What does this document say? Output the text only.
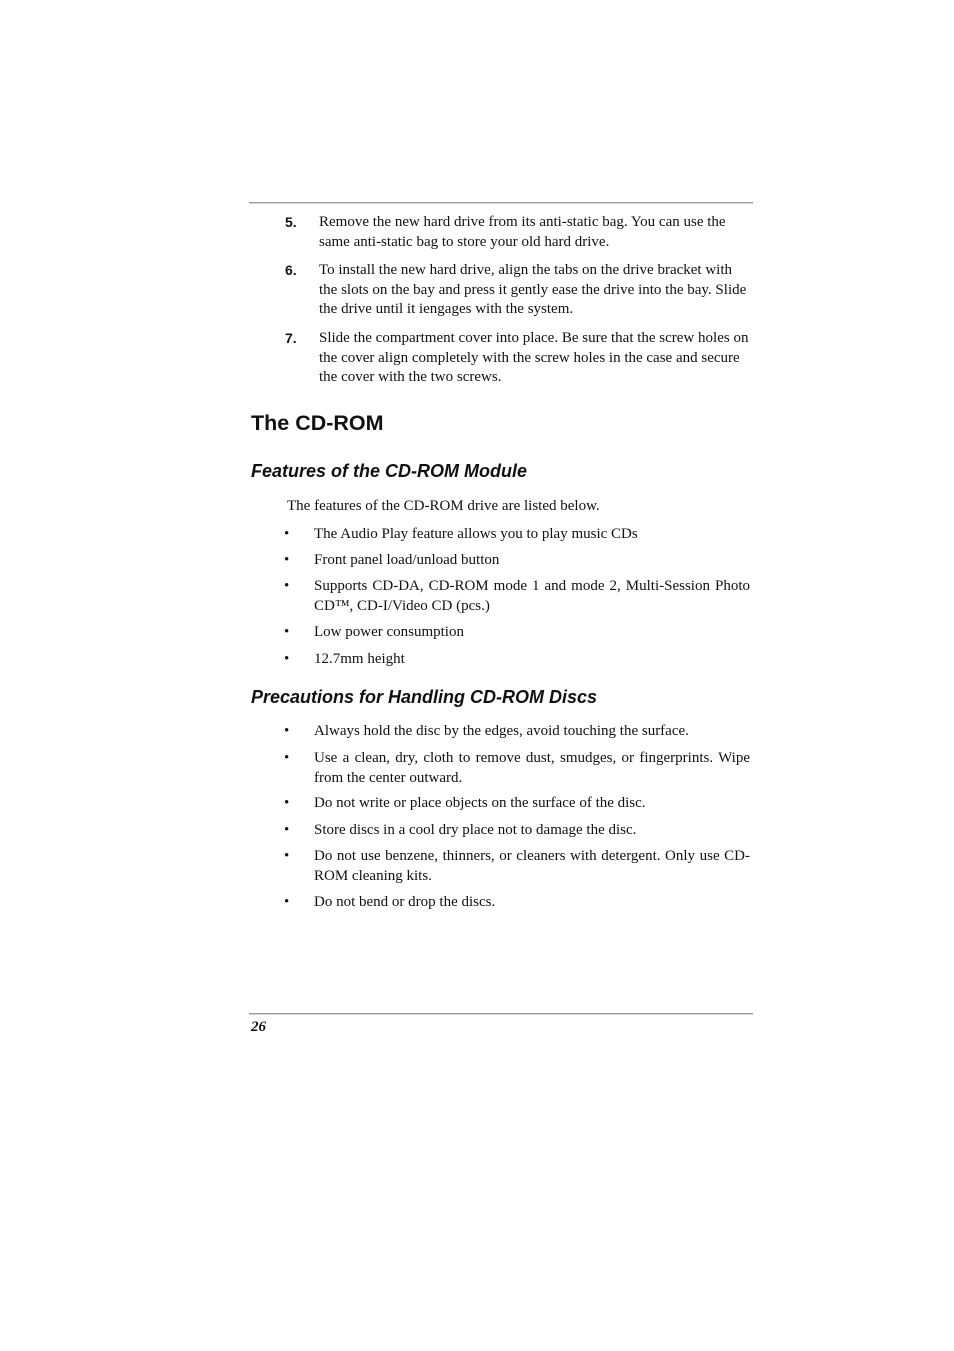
5. Remove the new hard drive from its anti-static bag. You can use the same anti-static bag to store your old hard drive.
6. To install the new hard drive, align the tabs on the drive bracket with the slots on the bay and press it gently ease the drive into the bay. Slide the drive until it iengages with the system.
7. Slide the compartment cover into place. Be sure that the screw holes on the cover align completely with the screw holes in the case and secure the cover with the two screws.
The CD-ROM
Features of the CD-ROM Module
The features of the CD-ROM drive are listed below.
• The Audio Play feature allows you to play music CDs
• Front panel load/unload button
• Supports CD-DA, CD-ROM mode 1 and mode 2, Multi-Session Photo CD™, CD-I/Video CD (pcs.)
• Low power consumption
• 12.7mm height
Precautions for Handling CD-ROM Discs
• Always hold the disc by the edges, avoid touching the surface.
• Use a clean, dry, cloth to remove dust, smudges, or fingerprints. Wipe from the center outward.
• Do not write or place objects on the surface of the disc.
• Store discs in a cool dry place not to damage the disc.
• Do not use benzene, thinners, or cleaners with detergent. Only use CD-ROM cleaning kits.
• Do not bend or drop the discs.
26
